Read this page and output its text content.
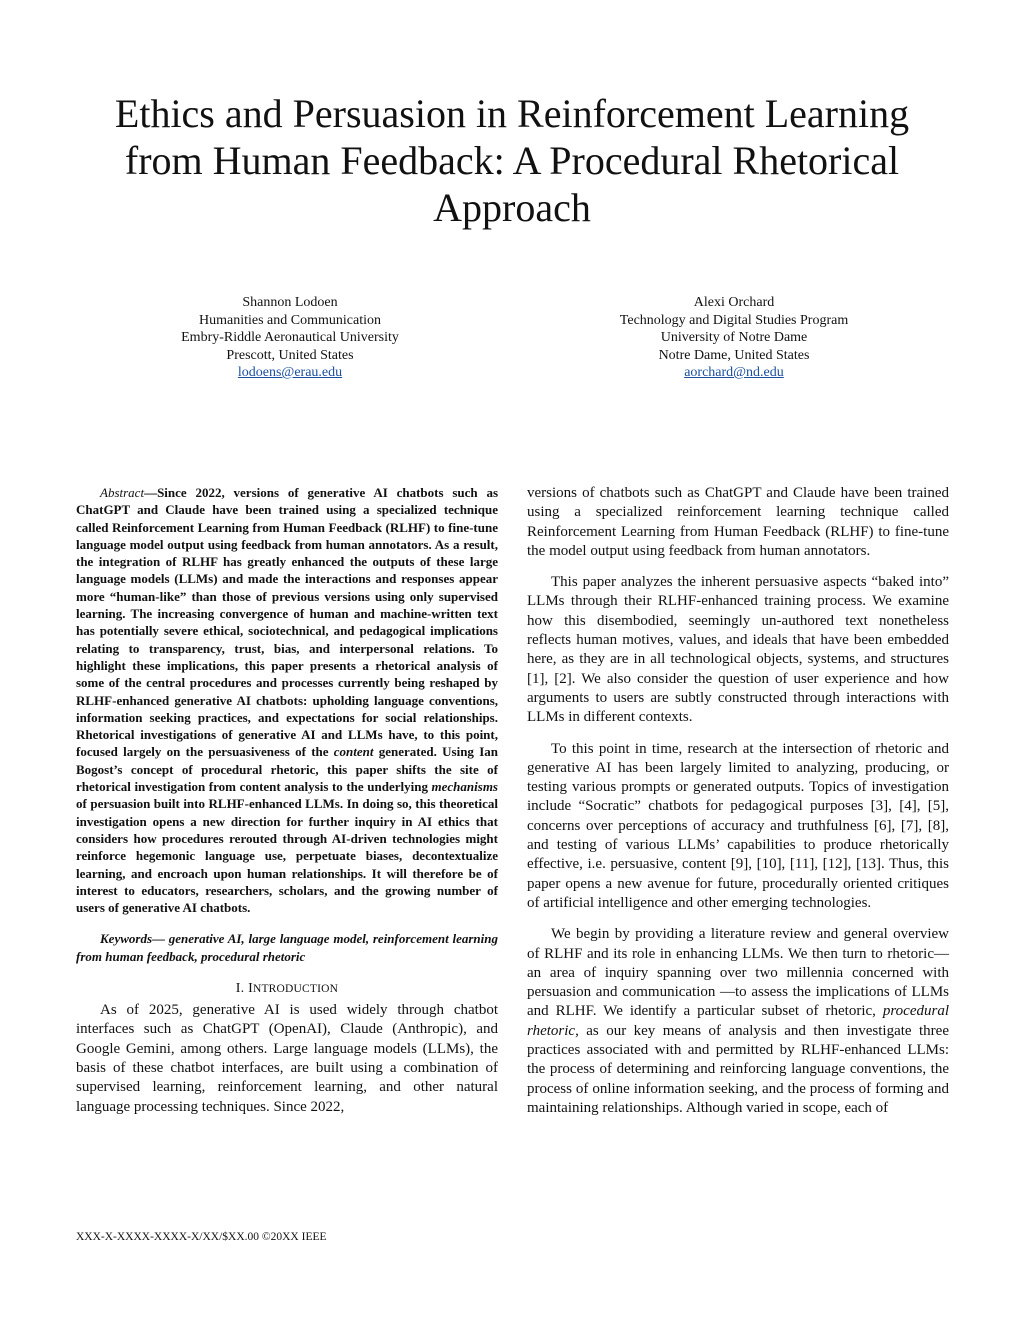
Ethics and Persuasion in Reinforcement Learning
from Human Feedback: A Procedural Rhetorical
Approach
Shannon Lodoen
Humanities and Communication
Embry-Riddle Aeronautical University
Prescott, United States
lodoens@erau.edu
Alexi Orchard
Technology and Digital Studies Program
University of Notre Dame
Notre Dame, United States
aorchard@nd.edu

Abstract—Since 2022, versions of generative AI chatbots such as ChatGPT and Claude have been trained using a specialized technique called Reinforcement Learning from Human Feedback (RLHF) to fine-tune language model output using feedback from human annotators. As a result, the integration of RLHF has greatly enhanced the outputs of these large language models (LLMs) and made the interactions and responses appear more “human-like” than those of previous versions using only supervised learning. The increasing convergence of human and machine-written text has potentially severe ethical, sociotechnical, and pedagogical implications relating to transparency, trust, bias, and interpersonal relations. To highlight these implications, this paper presents a rhetorical analysis of some of the central procedures and processes currently being reshaped by RLHF-enhanced generative AI chatbots: upholding language conventions, information seeking practices, and expectations for social relationships. Rhetorical investigations of generative AI and LLMs have, to this point, focused largely on the persuasiveness of the content generated. Using Ian Bogost’s concept of procedural rhetoric, this paper shifts the site of rhetorical investigation from content analysis to the underlying mechanisms of persuasion built into RLHF-enhanced LLMs. In doing so, this theoretical investigation opens a new direction for further inquiry in AI ethics that considers how procedures rerouted through AI-driven technologies might reinforce hegemonic language use, perpetuate biases, decontextualize learning, and encroach upon human relationships. It will therefore be of interest to educators, researchers, scholars, and the growing number of users of generative AI chatbots.

Keywords— generative AI, large language model, reinforcement learning from human feedback, procedural rhetoric

I. INTRODUCTION

As of 2025, generative AI is used widely through chatbot interfaces such as ChatGPT (OpenAI), Claude (Anthropic), and Google Gemini, among others. Large language models (LLMs), the basis of these chatbot interfaces, are built using a combination of supervised learning, reinforcement learning, and other natural language processing techniques. Since 2022,

versions of chatbots such as ChatGPT and Claude have been trained using a specialized reinforcement learning technique called Reinforcement Learning from Human Feedback (RLHF) to fine-tune the model output using feedback from human annotators.

This paper analyzes the inherent persuasive aspects “baked into” LLMs through their RLHF-enhanced training process. We examine how this disembodied, seemingly un-authored text nonetheless reflects human motives, values, and ideals that have been embedded here, as they are in all technological objects, systems, and structures [1], [2]. We also consider the question of user experience and how arguments to users are subtly constructed through interactions with LLMs in different contexts.

To this point in time, research at the intersection of rhetoric and generative AI has been largely limited to analyzing, producing, or testing various prompts or generated outputs. Topics of investigation include “Socratic” chatbots for pedagogical purposes [3], [4], [5], concerns over perceptions of accuracy and truthfulness [6], [7], [8], and testing of various LLMs’ capabilities to produce rhetorically effective, i.e. persuasive, content [9], [10], [11], [12], [13]. Thus, this paper opens a new avenue for future, procedurally oriented critiques of artificial intelligence and other emerging technologies.

We begin by providing a literature review and general overview of RLHF and its role in enhancing LLMs. We then turn to rhetoric—an area of inquiry spanning over two millennia concerned with persuasion and communication —to assess the implications of LLMs and RLHF. We identify a particular subset of rhetoric, procedural rhetoric, as our key means of analysis and then investigate three practices associated with and permitted by RLHF-enhanced LLMs: the process of determining and reinforcing language conventions, the process of online information seeking, and the process of forming and maintaining relationships. Although varied in scope, each of

XXX-X-XXXX-XXXX-X/XX/$XX.00 ©20XX IEEE
